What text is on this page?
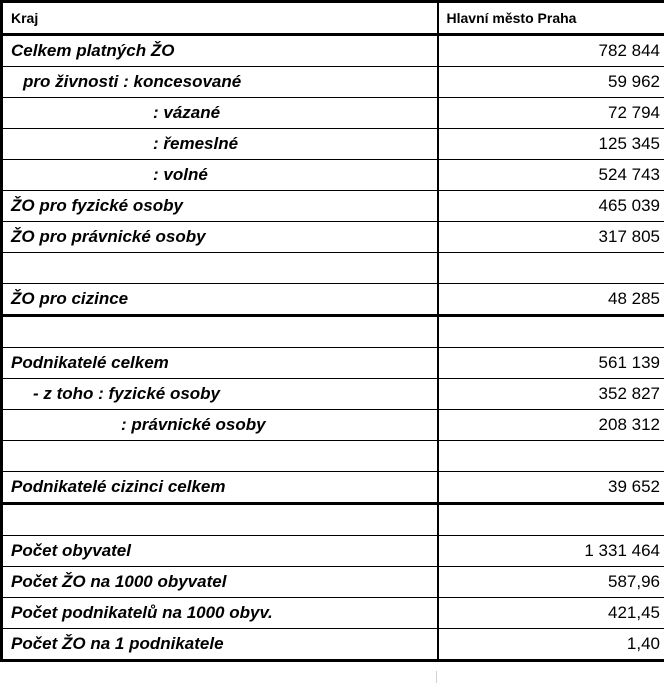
Kraj	Hlavní město Praha
Celkem platných ŽO	782 844
pro živnosti : koncesované	59 962
: vázané	72 794
: řemeslné	125 345
: volné	524 743
ŽO pro fyzické osoby	465 039
ŽO pro právnické osoby	317 805

ŽO pro cizince	48 285

Podnikatelé celkem	561 139
- z toho : fyzické osoby	352 827
: právnické osoby	208 312

Podnikatelé cizinci celkem	39 652

Počet obyvatel	1 331 464
Počet ŽO na 1000 obyvatel	587,96
Počet podnikatelů na 1000 obyv.	421,45
Počet ŽO na 1 podnikatele	1,40
